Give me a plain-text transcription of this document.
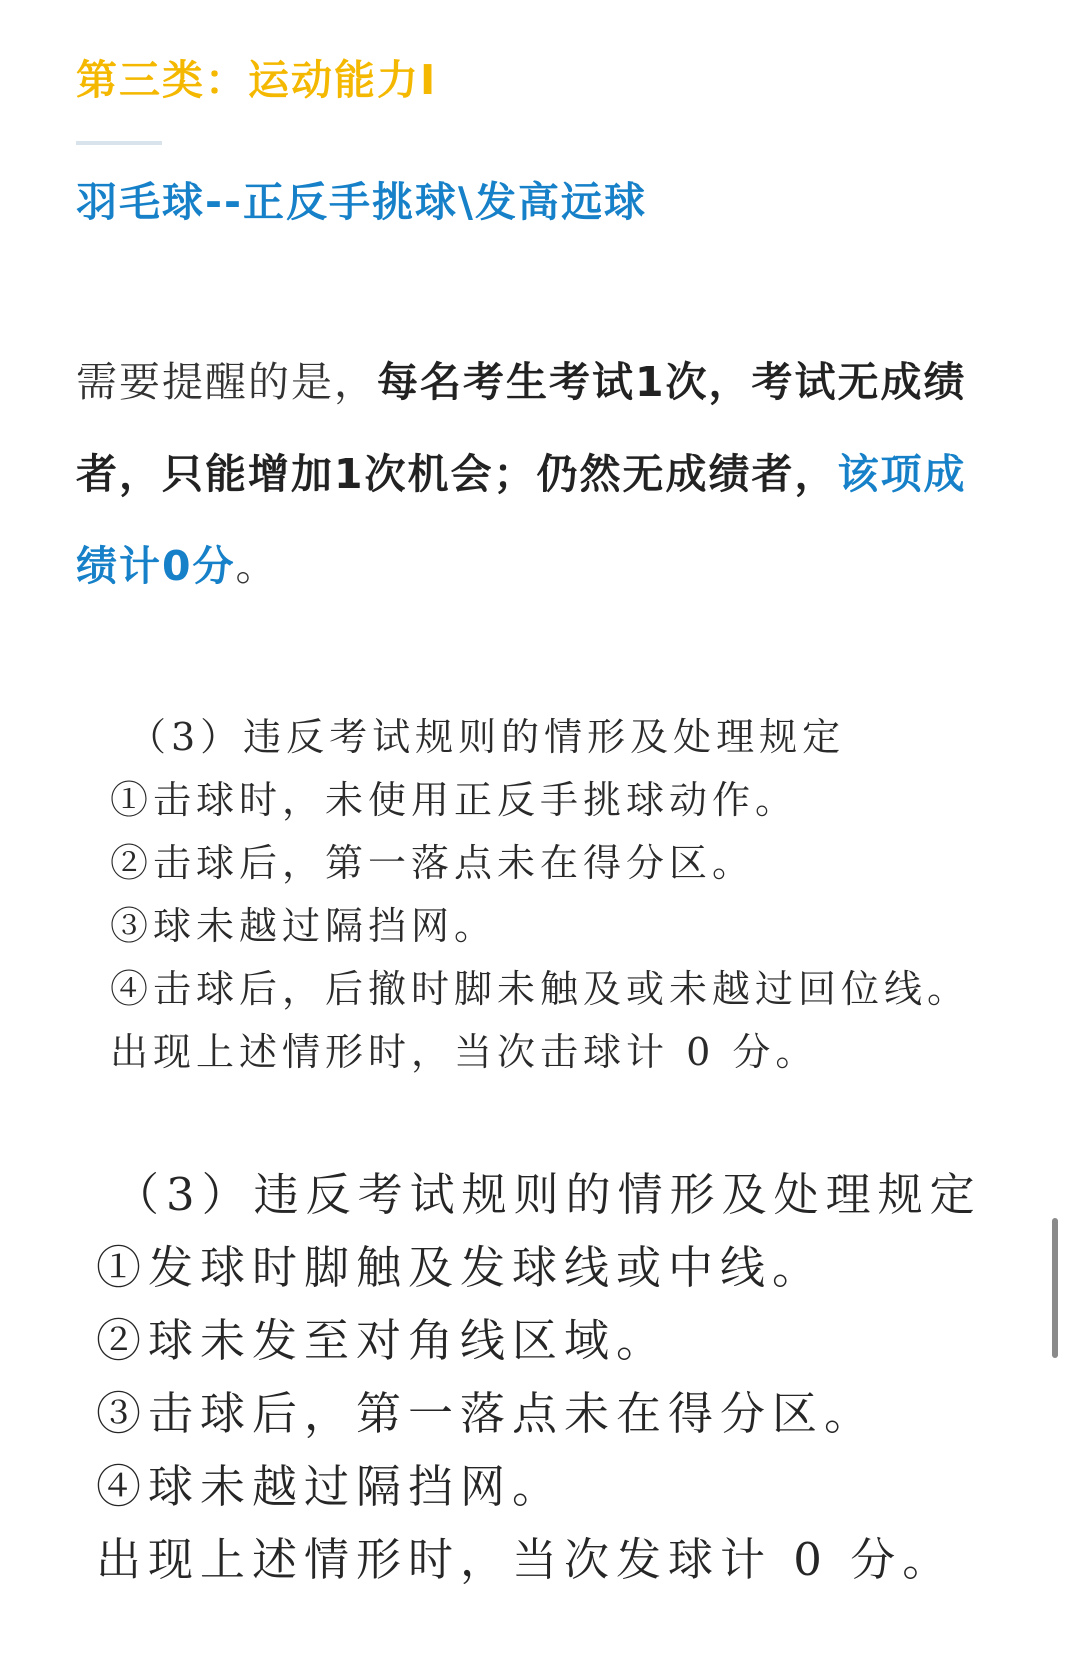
第三类：运动能力Ⅰ
羽毛球--正反手挑球\发高远球

需要提醒的是，每名考生考试1次，考试无成绩者，只能增加1次机会；仍然无成绩者，该项成绩计0分。

（3）违反考试规则的情形及处理规定
①击球时，未使用正反手挑球动作。
②击球后，第一落点未在得分区。
③球未越过隔挡网。
④击球后，后撤时脚未触及或未越过回位线。
出现上述情形时，当次击球计 0 分。
（3）违反考试规则的情形及处理规定
①发球时脚触及发球线或中线。
②球未发至对角线区域。
③击球后，第一落点未在得分区。
④球未越过隔挡网。
出现上述情形时，当次发球计 0 分。
